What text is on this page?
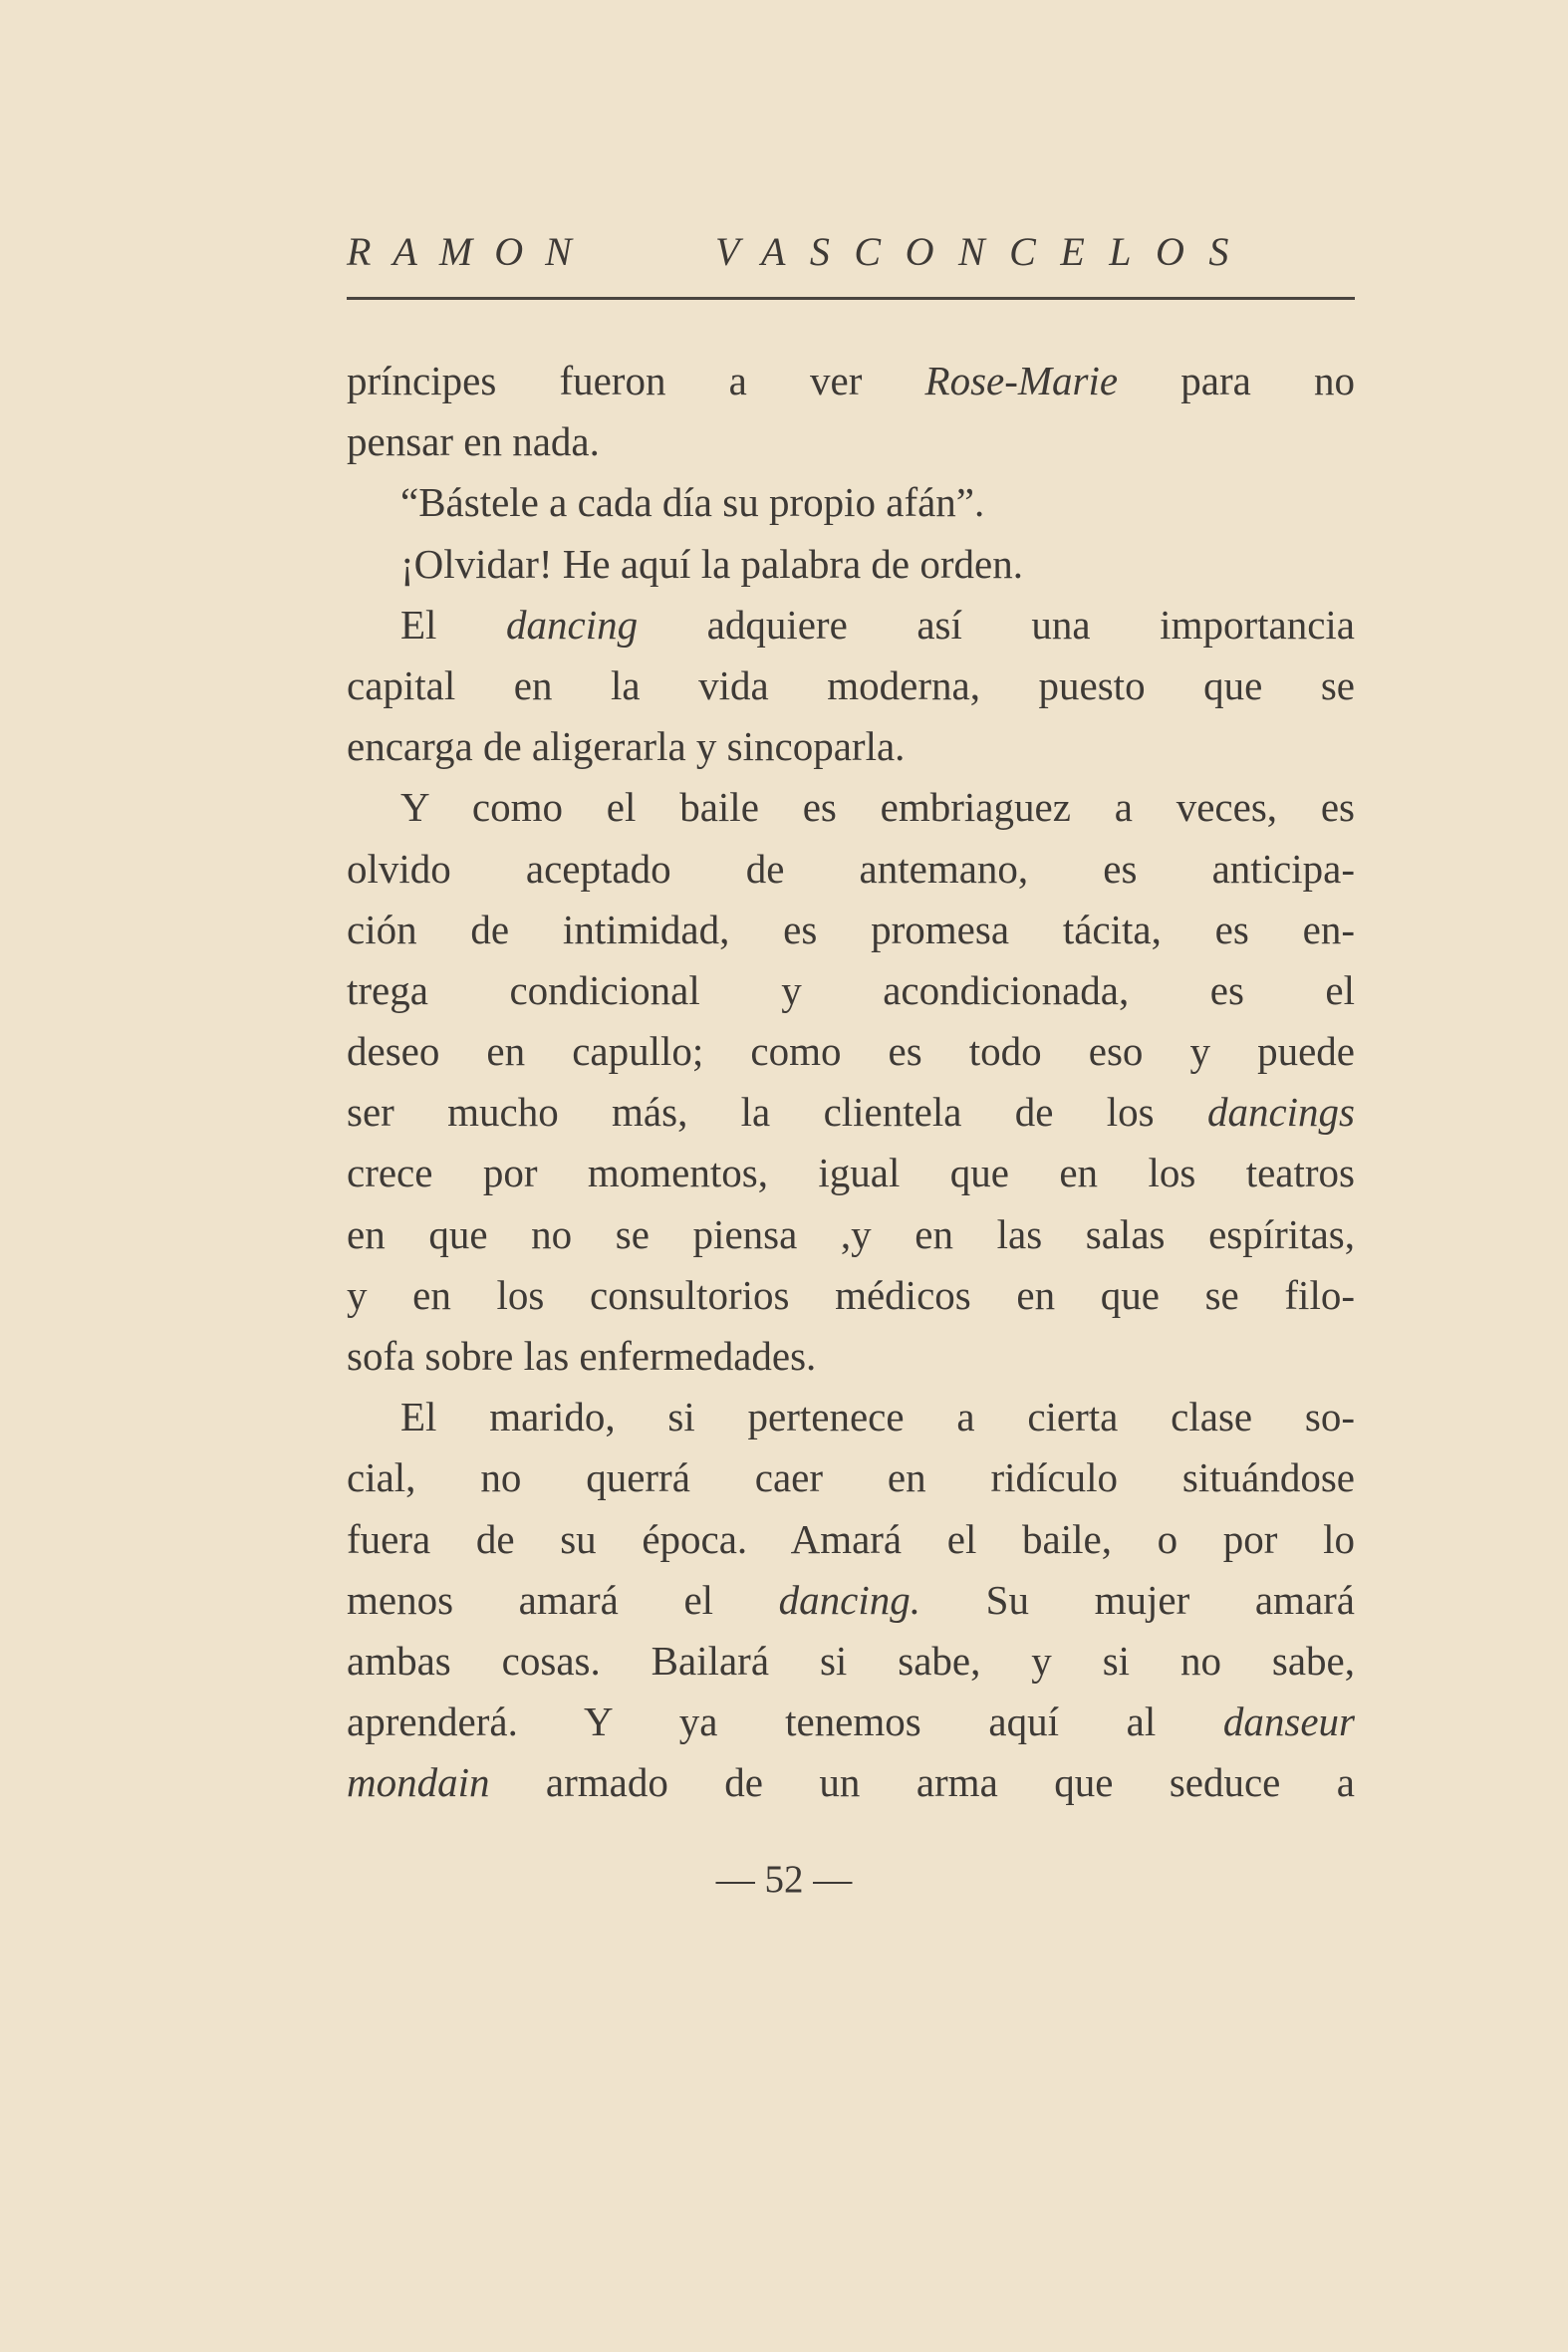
RAMON	VASCONCELOS
príncipes fueron a ver Rose-Marie para no
pensar en nada.
“Bástele a cada día su propio afán”.
¡Olvidar! He aquí la palabra de orden.
El dancing adquiere así una importancia
capital en la vida moderna, puesto que se
encarga de aligerarla y sincoparla.
Y como el baile es embriaguez a veces, es
olvido aceptado de antemano, es anticipa-
ción de intimidad, es promesa tácita, es en-
trega condicional y acondicionada, es el
deseo en capullo; como es todo eso y puede
ser mucho más, la clientela de los dancings
crece por momentos, igual que en los teatros
en que no se piensa ,y en las salas espíritas,
y en los consultorios médicos en que se filo-
sofa sobre las enfermedades.
El marido, si pertenece a cierta clase so-
cial, no querrá caer en ridículo situándose
fuera de su época. Amará el baile, o por lo
menos amará el dancing. Su mujer amará
ambas cosas. Bailará si sabe, y si no sabe,
aprenderá. Y ya tenemos aquí al danseur
mondain armado de un arma que seduce a
— 52 —
